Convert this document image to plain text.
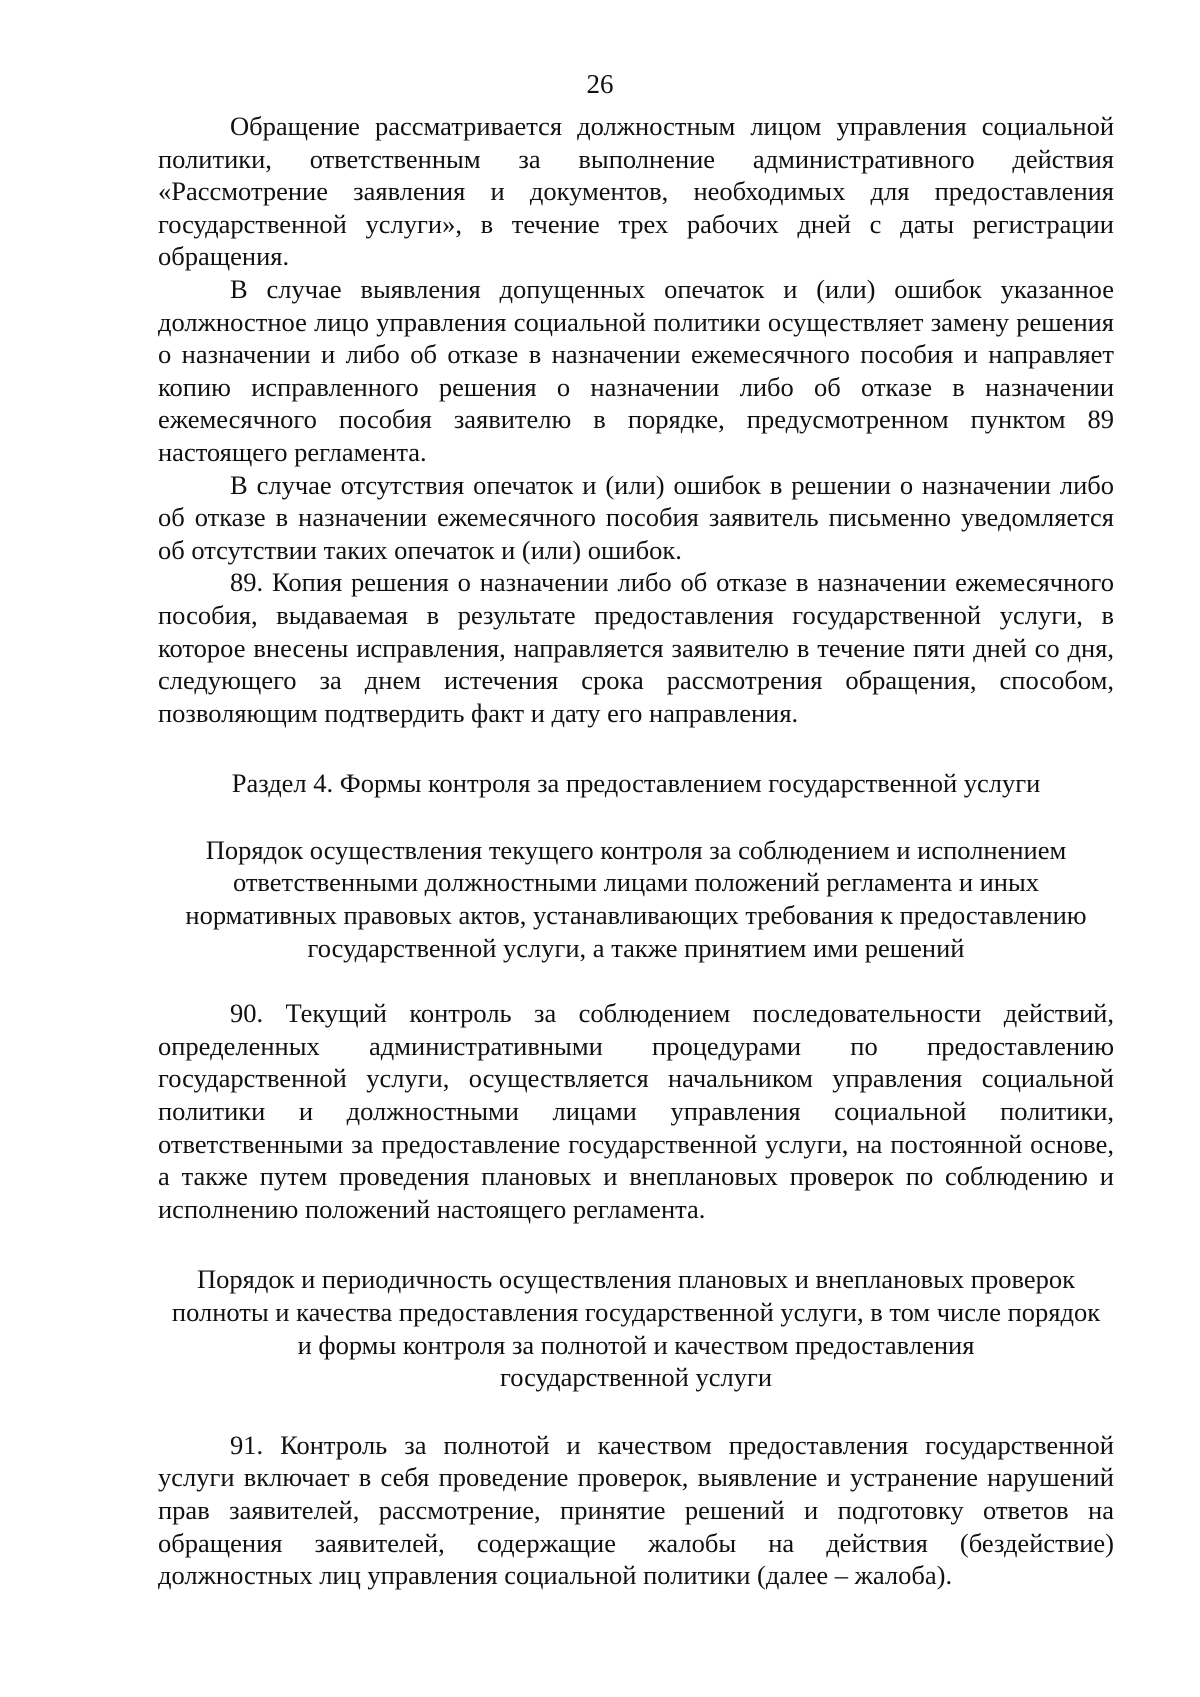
26

Обращение рассматривается должностным лицом управления социальной политики, ответственным за выполнение административного действия «Рассмотрение заявления и документов, необходимых для предоставления государственной услуги», в течение трех рабочих дней с даты регистрации обращения.

В случае выявления допущенных опечаток и (или) ошибок указанное должностное лицо управления социальной политики осуществляет замену решения о назначении и либо об отказе в назначении ежемесячного пособия и направляет копию исправленного решения о назначении либо об отказе в назначении ежемесячного пособия заявителю в порядке, предусмотренном пунктом 89 настоящего регламента.

В случае отсутствия опечаток и (или) ошибок в решении о назначении либо об отказе в назначении ежемесячного пособия заявитель письменно уведомляется об отсутствии таких опечаток и (или) ошибок.

89. Копия решения о назначении либо об отказе в назначении ежемесячного пособия, выдаваемая в результате предоставления государственной услуги, в которое внесены исправления, направляется заявителю в течение пяти дней со дня, следующего за днем истечения срока рассмотрения обращения, способом, позволяющим подтвердить факт и дату его направления.

Раздел 4. Формы контроля за предоставлением государственной услуги
Порядок осуществления текущего контроля за соблюдением и исполнением
ответственными должностными лицами положений регламента и иных
нормативных правовых актов, устанавливающих требования к предоставлению
государственной услуги, а также принятием ими решений

90. Текущий контроль за соблюдением последовательности действий, определенных административными процедурами по предоставлению государственной услуги, осуществляется начальником управления социальной политики и должностными лицами управления социальной политики, ответственными за предоставление государственной услуги, на постоянной основе, а также путем проведения плановых и внеплановых проверок по соблюдению и исполнению положений настоящего регламента.

Порядок и периодичность осуществления плановых и внеплановых проверок
полноты и качества предоставления государственной услуги, в том числе порядок
и формы контроля за полнотой и качеством предоставления
государственной услуги

91. Контроль за полнотой и качеством предоставления государственной услуги включает в себя проведение проверок, выявление и устранение нарушений прав заявителей, рассмотрение, принятие решений и подготовку ответов на обращения заявителей, содержащие жалобы на действия (бездействие) должностных лиц управления социальной политики (далее – жалоба).
